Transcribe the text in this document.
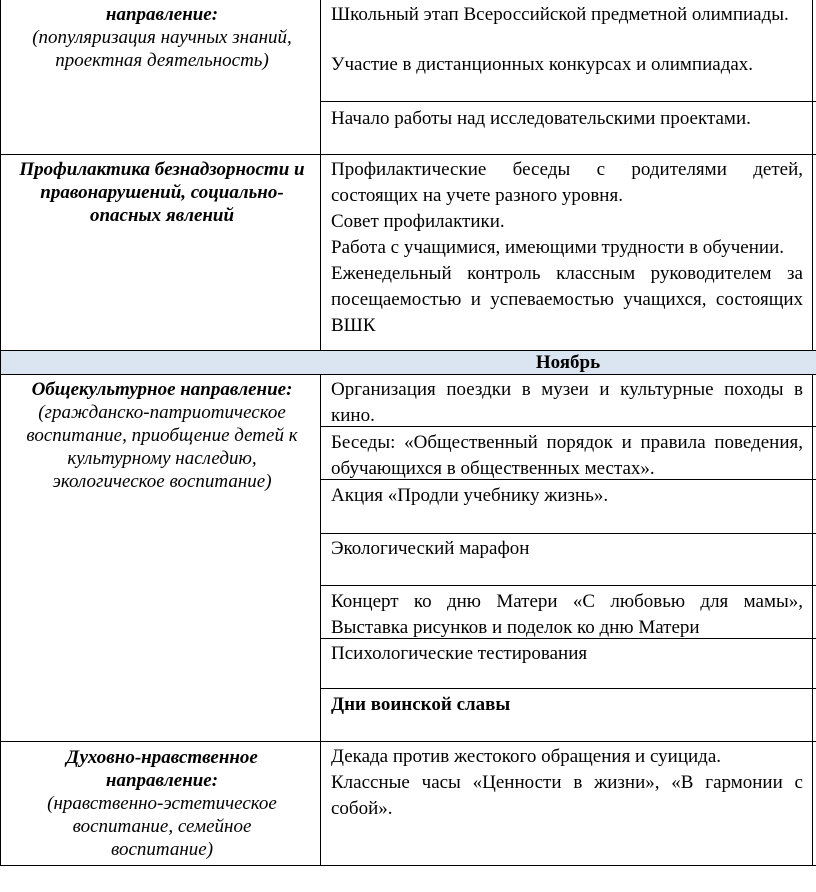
направление:
(популяризация научных знаний, проектная деятельность)
Школьный этап Всероссийской предметной олимпиады.
Участие в дистанционных конкурсах и олимпиадах.
Начало работы над исследовательскими проектами.
Профилактика безнадзорности и правонарушений, социально-опасных явлений
Профилактические беседы с родителями детей, состоящих на учете разного уровня.
Совет профилактики.
Работа с учащимися, имеющими трудности в обучении.
Еженедельный контроль классным руководителем за посещаемостью и успеваемостью учащихся, состоящих ВШК
Ноябрь
Общекультурное направление:
(гражданско-патриотическое воспитание, приобщение детей к культурному наследию, экологическое воспитание)
Организация поездки в музеи и культурные походы в кино.
Беседы: «Общественный порядок и правила поведения, обучающихся в общественных местах».
Акция «Продли учебнику жизнь».
Экологический марафон
Концерт ко дню Матери «С любовью для мамы», Выставка рисунков и поделок ко дню Матери
Психологические тестирования
Дни воинской славы
Духовно-нравственное направление:
(нравственно-эстетическое воспитание, семейное воспитание)
Декада против жестокого обращения и суицида.
Классные часы «Ценности в жизни», «В гармонии с собой».
